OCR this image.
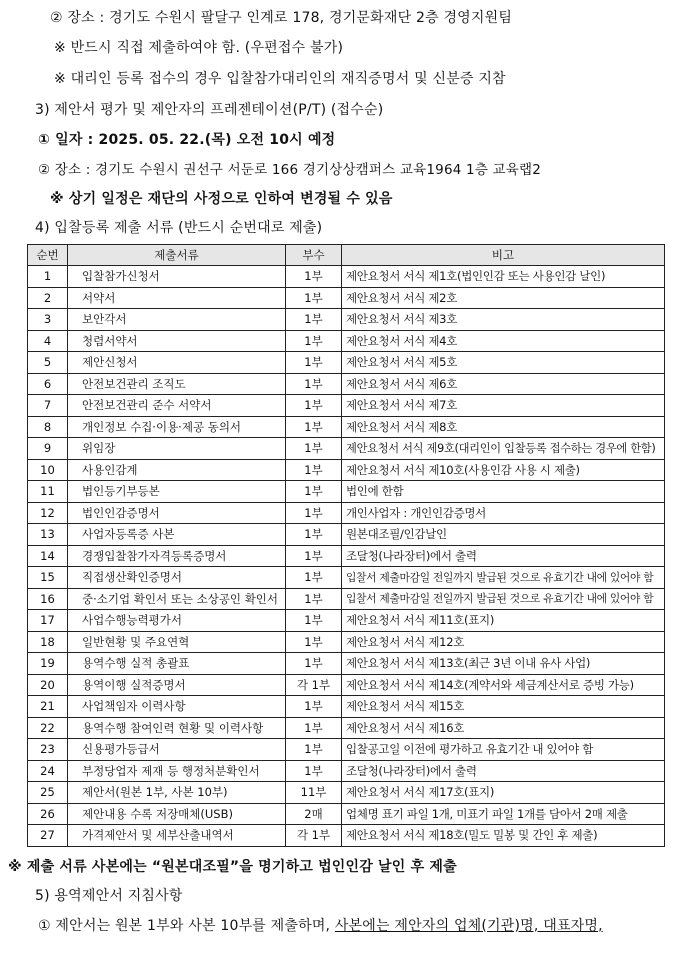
② 장소 : 경기도 수원시 팔달구 인계로 178, 경기문화재단 2층 경영지원팀
※ 반드시 직접 제출하여야 함. (우편접수 불가)
※ 대리인 등록 접수의 경우 입찰참가대리인의 재직증명서 및 신분증 지참
3) 제안서 평가 및 제안자의 프레젠테이션(P/T) (접수순)
① 일자 : 2025. 05. 22.(목) 오전 10시 예정
② 장소 : 경기도 수원시 권선구 서둔로 166 경기상상캠퍼스 교육1964 1층 교육랩2
※ 상기 일정은 재단의 사정으로 인하여 변경될 수 있음
4) 입찰등록 제출 서류 (반드시 순번대로 제출)
순번	제출서류	부수	비고
1	입찰참가신청서	1부	제안요청서 서식 제1호(법인인감 또는 사용인감 날인)
2	서약서	1부	제안요청서 서식 제2호
3	보안각서	1부	제안요청서 서식 제3호
4	청렴서약서	1부	제안요청서 서식 제4호
5	제안신청서	1부	제안요청서 서식 제5호
6	안전보건관리 조직도	1부	제안요청서 서식 제6호
7	안전보건관리 준수 서약서	1부	제안요청서 서식 제7호
8	개인정보 수집·이용·제공 동의서	1부	제안요청서 서식 제8호
9	위임장	1부	제안요청서 서식 제9호(대리인이 입찰등록 접수하는 경우에 한함)
10	사용인감계	1부	제안요청서 서식 제10호(사용인감 사용 시 제출)
11	법인등기부등본	1부	법인에 한함
12	법인인감증명서	1부	개인사업자 : 개인인감증명서
13	사업자등록증 사본	1부	원본대조필/인감날인
14	경쟁입찰참가자격등록증명서	1부	조달청(나라장터)에서 출력
15	직접생산확인증명서	1부	입찰서 제출마감일 전일까지 발급된 것으로 유효기간 내에 있어야 함
16	중·소기업 확인서 또는 소상공인 확인서	1부	입찰서 제출마감일 전일까지 발급된 것으로 유효기간 내에 있어야 함
17	사업수행능력평가서	1부	제안요청서 서식 제11호(표지)
18	일반현황 및 주요연혁	1부	제안요청서 서식 제12호
19	용역수행 실적 총괄표	1부	제안요청서 서식 제13호(최근 3년 이내 유사 사업)
20	용역이행 실적증명서	각 1부	제안요청서 서식 제14호(계약서와 세금계산서로 증빙 가능)
21	사업책임자 이력사항	1부	제안요청서 서식 제15호
22	용역수행 참여인력 현황 및 이력사항	1부	제안요청서 서식 제16호
23	신용평가등급서	1부	입찰공고일 이전에 평가하고 유효기간 내 있어야 함
24	부정당업자 제재 등 행정처분확인서	1부	조달청(나라장터)에서 출력
25	제안서(원본 1부, 사본 10부)	11부	제안요청서 서식 제17호(표지)
26	제안내용 수록 저장매체(USB)	2매	업체명 표기 파일 1개, 미표기 파일 1개를 담아서 2매 제출
27	가격제안서 및 세부산출내역서	각 1부	제안요청서 서식 제18호(밀도 밀봉 및 간인 후 제출)
※ 제출 서류 사본에는 “원본대조필”을 명기하고 법인인감 날인 후 제출
5) 용역제안서 지침사항
① 제안서는 원본 1부와 사본 10부를 제출하며, 사본에는 제안자의 업체(기관)명, 대표자명,
